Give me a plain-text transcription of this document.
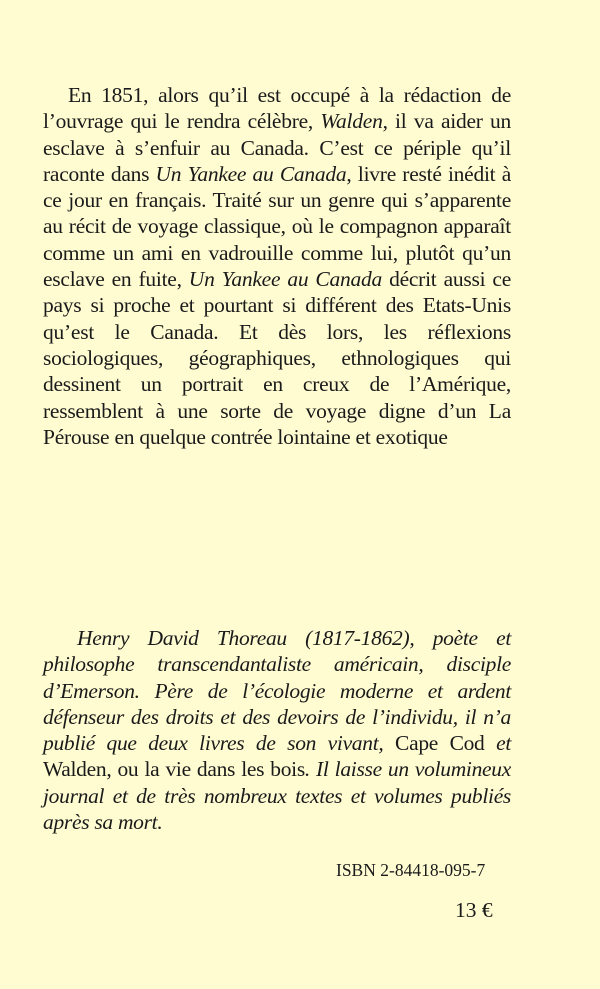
En 1851, alors qu’il est occupé à la rédaction de l’ouvrage qui le rendra célèbre, Walden, il va aider un esclave à s’enfuir au Canada. C’est ce périple qu’il raconte dans Un Yankee au Canada, livre resté inédit à ce jour en français. Traité sur un genre qui s’apparente au récit de voyage classique, où le compagnon apparaît comme un ami en vadrouille comme lui, plutôt qu’un esclave en fuite, Un Yankee au Canada décrit aussi ce pays si proche et pourtant si différent des Etats-Unis qu’est le Canada. Et dès lors, les réflexions sociologiques, géographiques, ethnologiques qui dessinent un portrait en creux de l’Amérique, ressemblent à une sorte de voyage digne d’un La Pérouse en quelque contrée lointaine et exotique

Henry David Thoreau (1817-1862), poète et philosophe transcendantaliste américain, disciple d’Emerson. Père de l’écologie moderne et ardent défenseur des droits et des devoirs de l’individu, il n’a publié que deux livres de son vivant, Cape Cod et Walden, ou la vie dans les bois. Il laisse un volumineux journal et de très nombreux textes et volumes publiés après sa mort.

ISBN 2-84418-095-7

13 €
